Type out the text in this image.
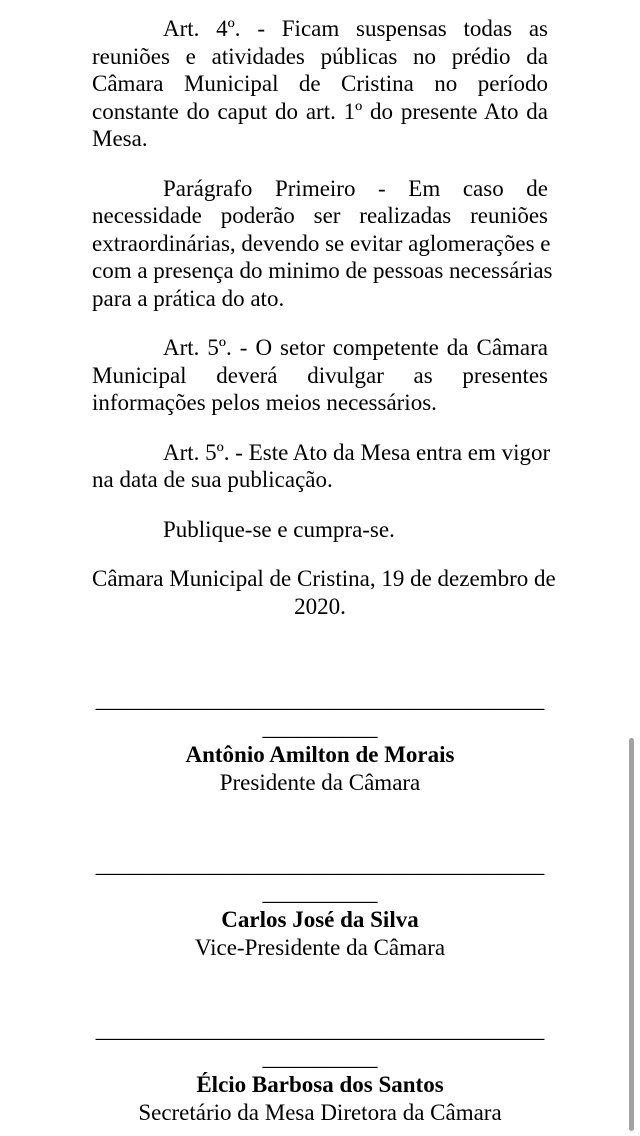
Art. 4º. - Ficam suspensas todas as
reuniões e atividades públicas no prédio da
Câmara Municipal de Cristina no período
constante do caput do art. 1º do presente Ato da
Mesa.
Parágrafo Primeiro - Em caso de
necessidade poderão ser realizadas reuniões
extraordinárias, devendo se evitar aglomerações e
com a presença do minimo de pessoas necessárias
para a prática do ato.
Art. 5º. - O setor competente da Câmara
Municipal deverá divulgar as presentes
informações pelos meios necessários.
Art. 5º. - Este Ato da Mesa entra em vigor
na data de sua publicação.
Publique-se e cumpra-se.
Câmara Municipal de Cristina, 19 de dezembro de
2020.
_______________________________________
__________
Antônio Amilton de Morais
Presidente da Câmara
_______________________________________
__________
Carlos José da Silva
Vice-Presidente da Câmara
_______________________________________
__________
Élcio Barbosa dos Santos
Secretário da Mesa Diretora da Câmara
